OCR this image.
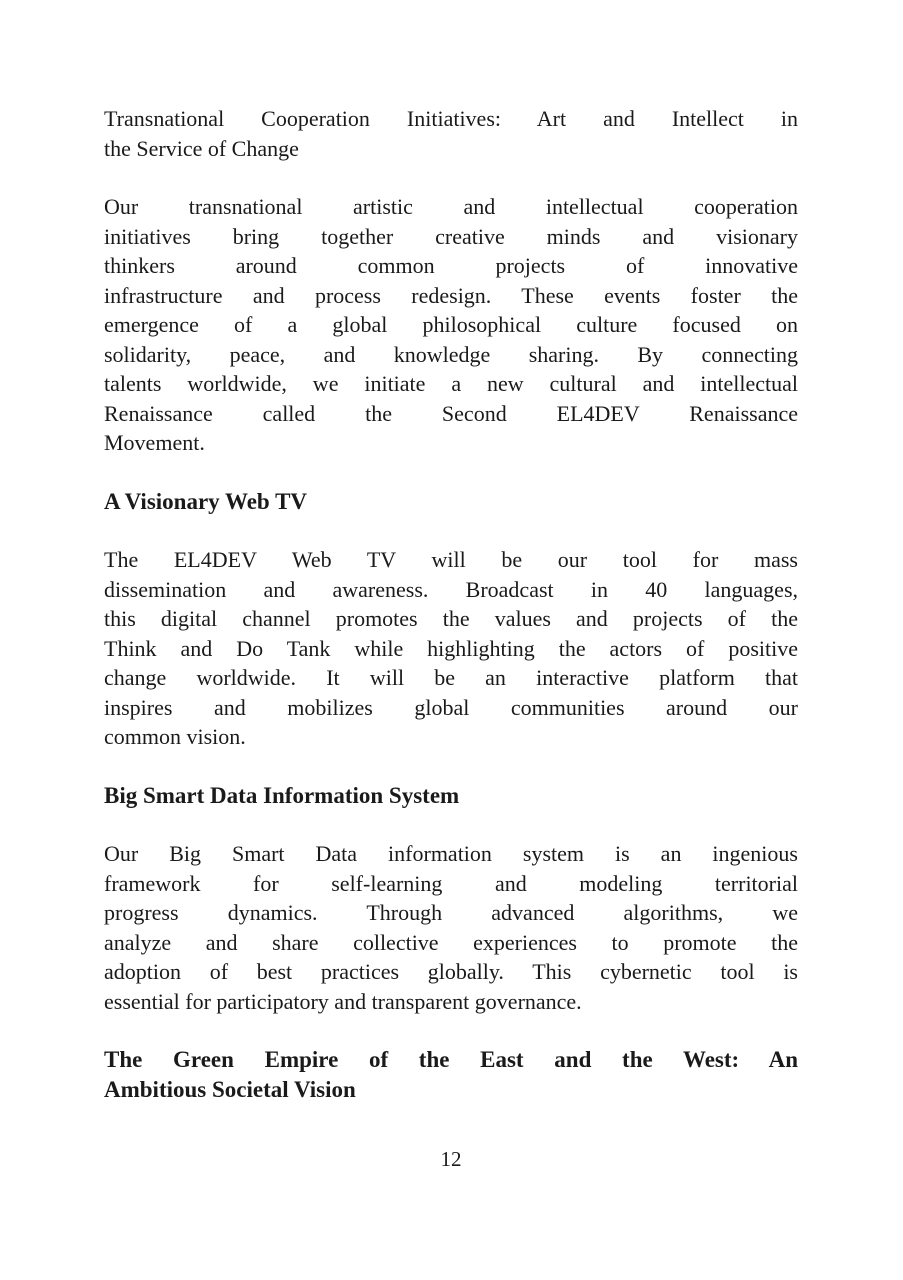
Transnational Cooperation Initiatives: Art and Intellect in
the Service of Change
Our transnational artistic and intellectual cooperation
initiatives bring together creative minds and visionary
thinkers around common projects of innovative
infrastructure and process redesign. These events foster the
emergence of a global philosophical culture focused on
solidarity, peace, and knowledge sharing. By connecting
talents worldwide, we initiate a new cultural and intellectual
Renaissance called the Second EL4DEV Renaissance
Movement.
A Visionary Web TV
The EL4DEV Web TV will be our tool for mass
dissemination and awareness. Broadcast in 40 languages,
this digital channel promotes the values and projects of the
Think and Do Tank while highlighting the actors of positive
change worldwide. It will be an interactive platform that
inspires and mobilizes global communities around our
common vision.
Big Smart Data Information System
Our Big Smart Data information system is an ingenious
framework for self-learning and modeling territorial
progress dynamics. Through advanced algorithms, we
analyze and share collective experiences to promote the
adoption of best practices globally. This cybernetic tool is
essential for participatory and transparent governance.
The Green Empire of the East and the West: An
Ambitious Societal Vision
12
